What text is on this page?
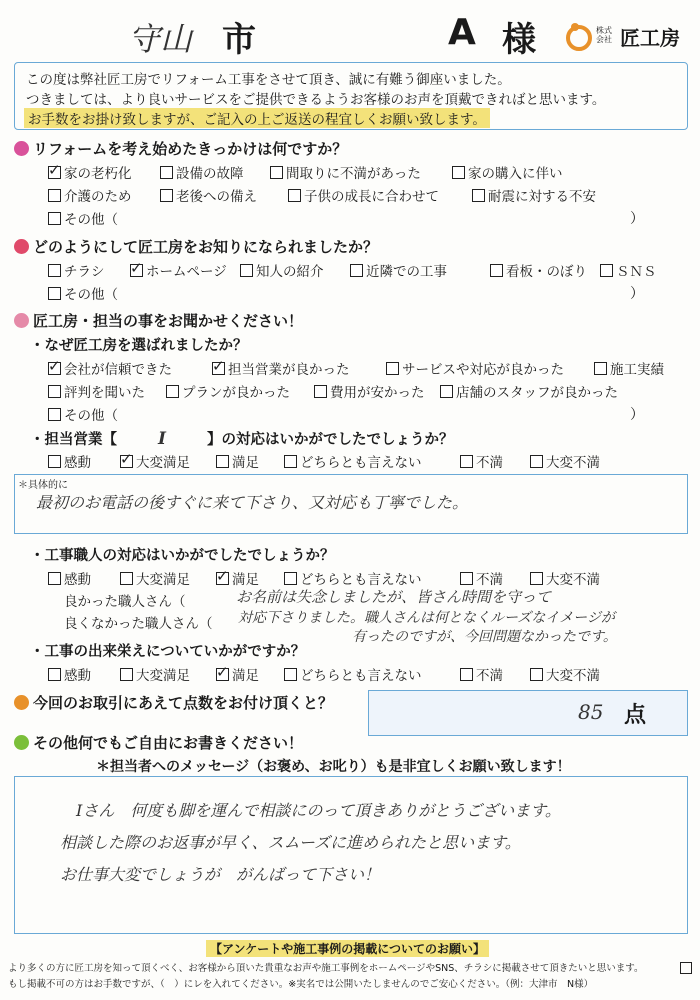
守山 市	A 様	株式会社 匠工房
この度は弊社匠工房でリフォーム工事をさせて頂き、誠に有難う御座いました。
つきましては、より良いサービスをご提供できるようお客様のお声を頂戴できればと思います。
お手数をお掛け致しますが、ご記入の上ご返送の程宜しくお願い致します。
リフォームを考え始めたきっかけは何ですか？
✓家の老朽化	設備の故障	間取りに不満があった	家の購入に伴い
介護のため	老後への備え	子供の成長に合わせて	耐震に対する不安
その他（	）
どのようにして匠工房をお知りになられましたか？
チラシ ✓	ホームページ	知人の紹介	近隣での工事	看板・のぼり	ＳＮＳ
その他（	）
匠工房・担当の事をお聞かせください！
・なぜ匠工房を選ばれましたか？
✓会社が信頼できた ✓	担当営業が良かった	サービスや対応が良かった	施工実績
評判を聞いた	プランが良かった	費用が安かった	店舗のスタッフが良かった
その他（	）
・担当営業【 I	】の対応はいかがでしたでしょうか？
感動 ✓	大変満足	満足	どちらとも言えない	不満	大変不満
＊具体的に
最初のお電話の後すぐに来て下さり、又対応も丁寧でした。
・工事職人の対応はいかがでしたでしょうか？
感動	大変満足 ✓	満足	どちらとも言えない	不満	大変不満
良かった職人さん（	お名前は失念しましたが、皆さん時間を守って
良くなかった職人さん（ 対応下さりました。職人さんは何となくルーズなイメージが
有ったのですが、今回問題なかったです。
・工事の出来栄えについていかがですか？
感動	大変満足 ✓	満足	どちらとも言えない	不満	大変不満
今回のお取引にあえて点数をお付け頂くと？	85 点
その他何でもご自由にお書きください！
＊担当者へのメッセージ（お褒め、お叱り）も是非宜しくお願い致します！
Iさん　何度も脚を運んで相談にのって頂きありがとうございます。
相談した際のお返事が早く、スムーズに進められたと思います。
お仕事大変でしょうが　がんばって下さい！
【アンケートや施工事例の掲載についてのお願い】
より多くの方に匠工房を知って頂くべく、お客様から頂いた貴重なお声や施工事例をホームページやSNS、チラシに掲載させて頂きたいと思います。
もし掲載不可の方はお手数ですが、（　）にレを入れてください。※実名では公開いたしませんのでご安心ください。（例：大津市　N様）
